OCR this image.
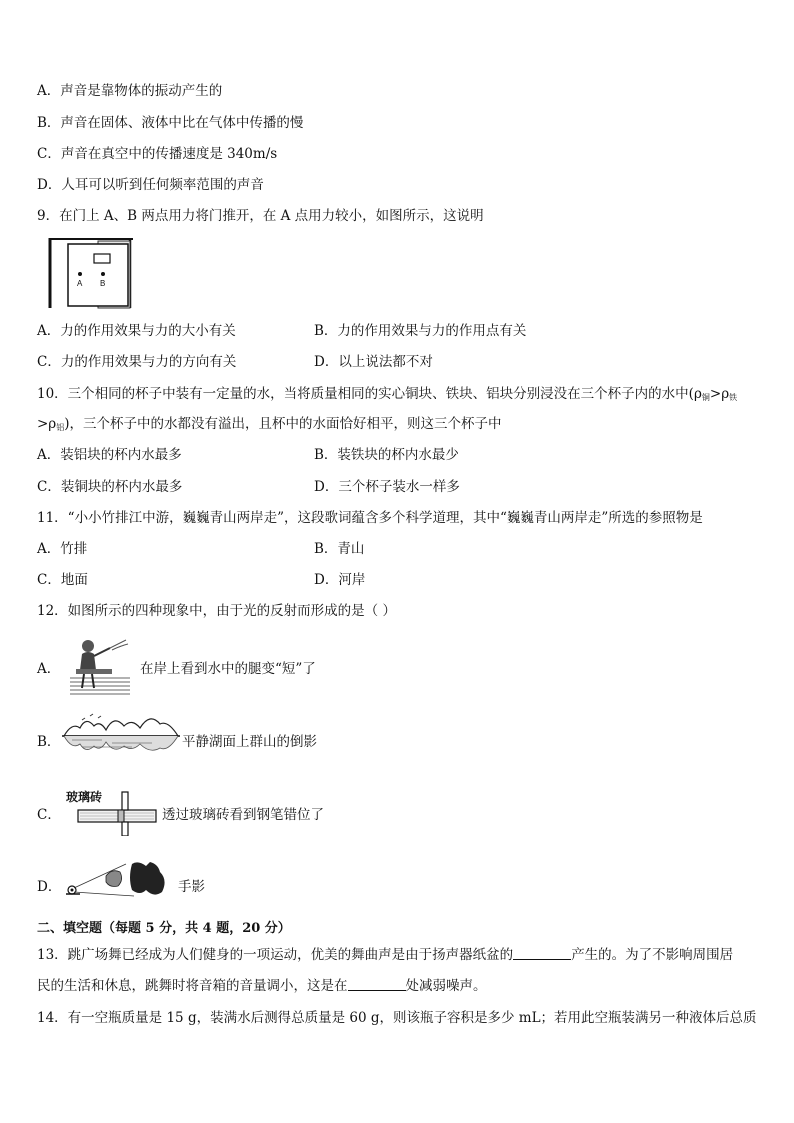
A．声音是靠物体的振动产生的
B．声音在固体、液体中比在气体中传播的慢
C．声音在真空中的传播速度是 340m/s
D．人耳可以听到任何频率范围的声音
9．在门上 A、B 两点用力将门推开，在 A 点用力较小，如图所示，这说明
A B
A．力的作用效果与力的大小有关	B．力的作用效果与力的作用点有关
C．力的作用效果与力的方向有关	D．以上说法都不对
10．三个相同的杯子中装有一定量的水，当将质量相同的实心铜块、铁块、铝块分别浸没在三个杯子内的水中($\rho_铜>\rho_铁$
$>\rho_铝$)，三个杯子中的水都没有溢出，且杯中的水面恰好相平，则这三个杯子中
A．装铝块的杯内水最多	B．装铁块的杯内水最少
C．装铜块的杯内水最多	D．三个杯子装水一样多
11．“小小竹排江中游，巍巍青山两岸走”，这段歌词蕴含多个科学道理，其中“巍巍青山两岸走”所选的参照物是
A．竹排	B．青山
C．地面	D．河岸
12．如图所示的四种现象中，由于光的反射而形成的是（ ）
A．	在岸上看到水中的腿变“短”了
B．	平静湖面上群山的倒影
C．
玻璃砖
透过玻璃砖看到钢笔错位了
D．	手影
二、填空题（每题 5 分，共 4 题，20 分）
13．跳广场舞已经成为人们健身的一项运动，优美的舞曲声是由于扬声器纸盆的	产生的。为了不影响周围居
民的生活和休息，跳舞时将音箱的音量调小，这是在	处减弱噪声。
14．有一空瓶质量是 15 g，装满水后测得总质量是 60 g，则该瓶子容积是多少 mL；若用此空瓶装满另一种液体后总质
